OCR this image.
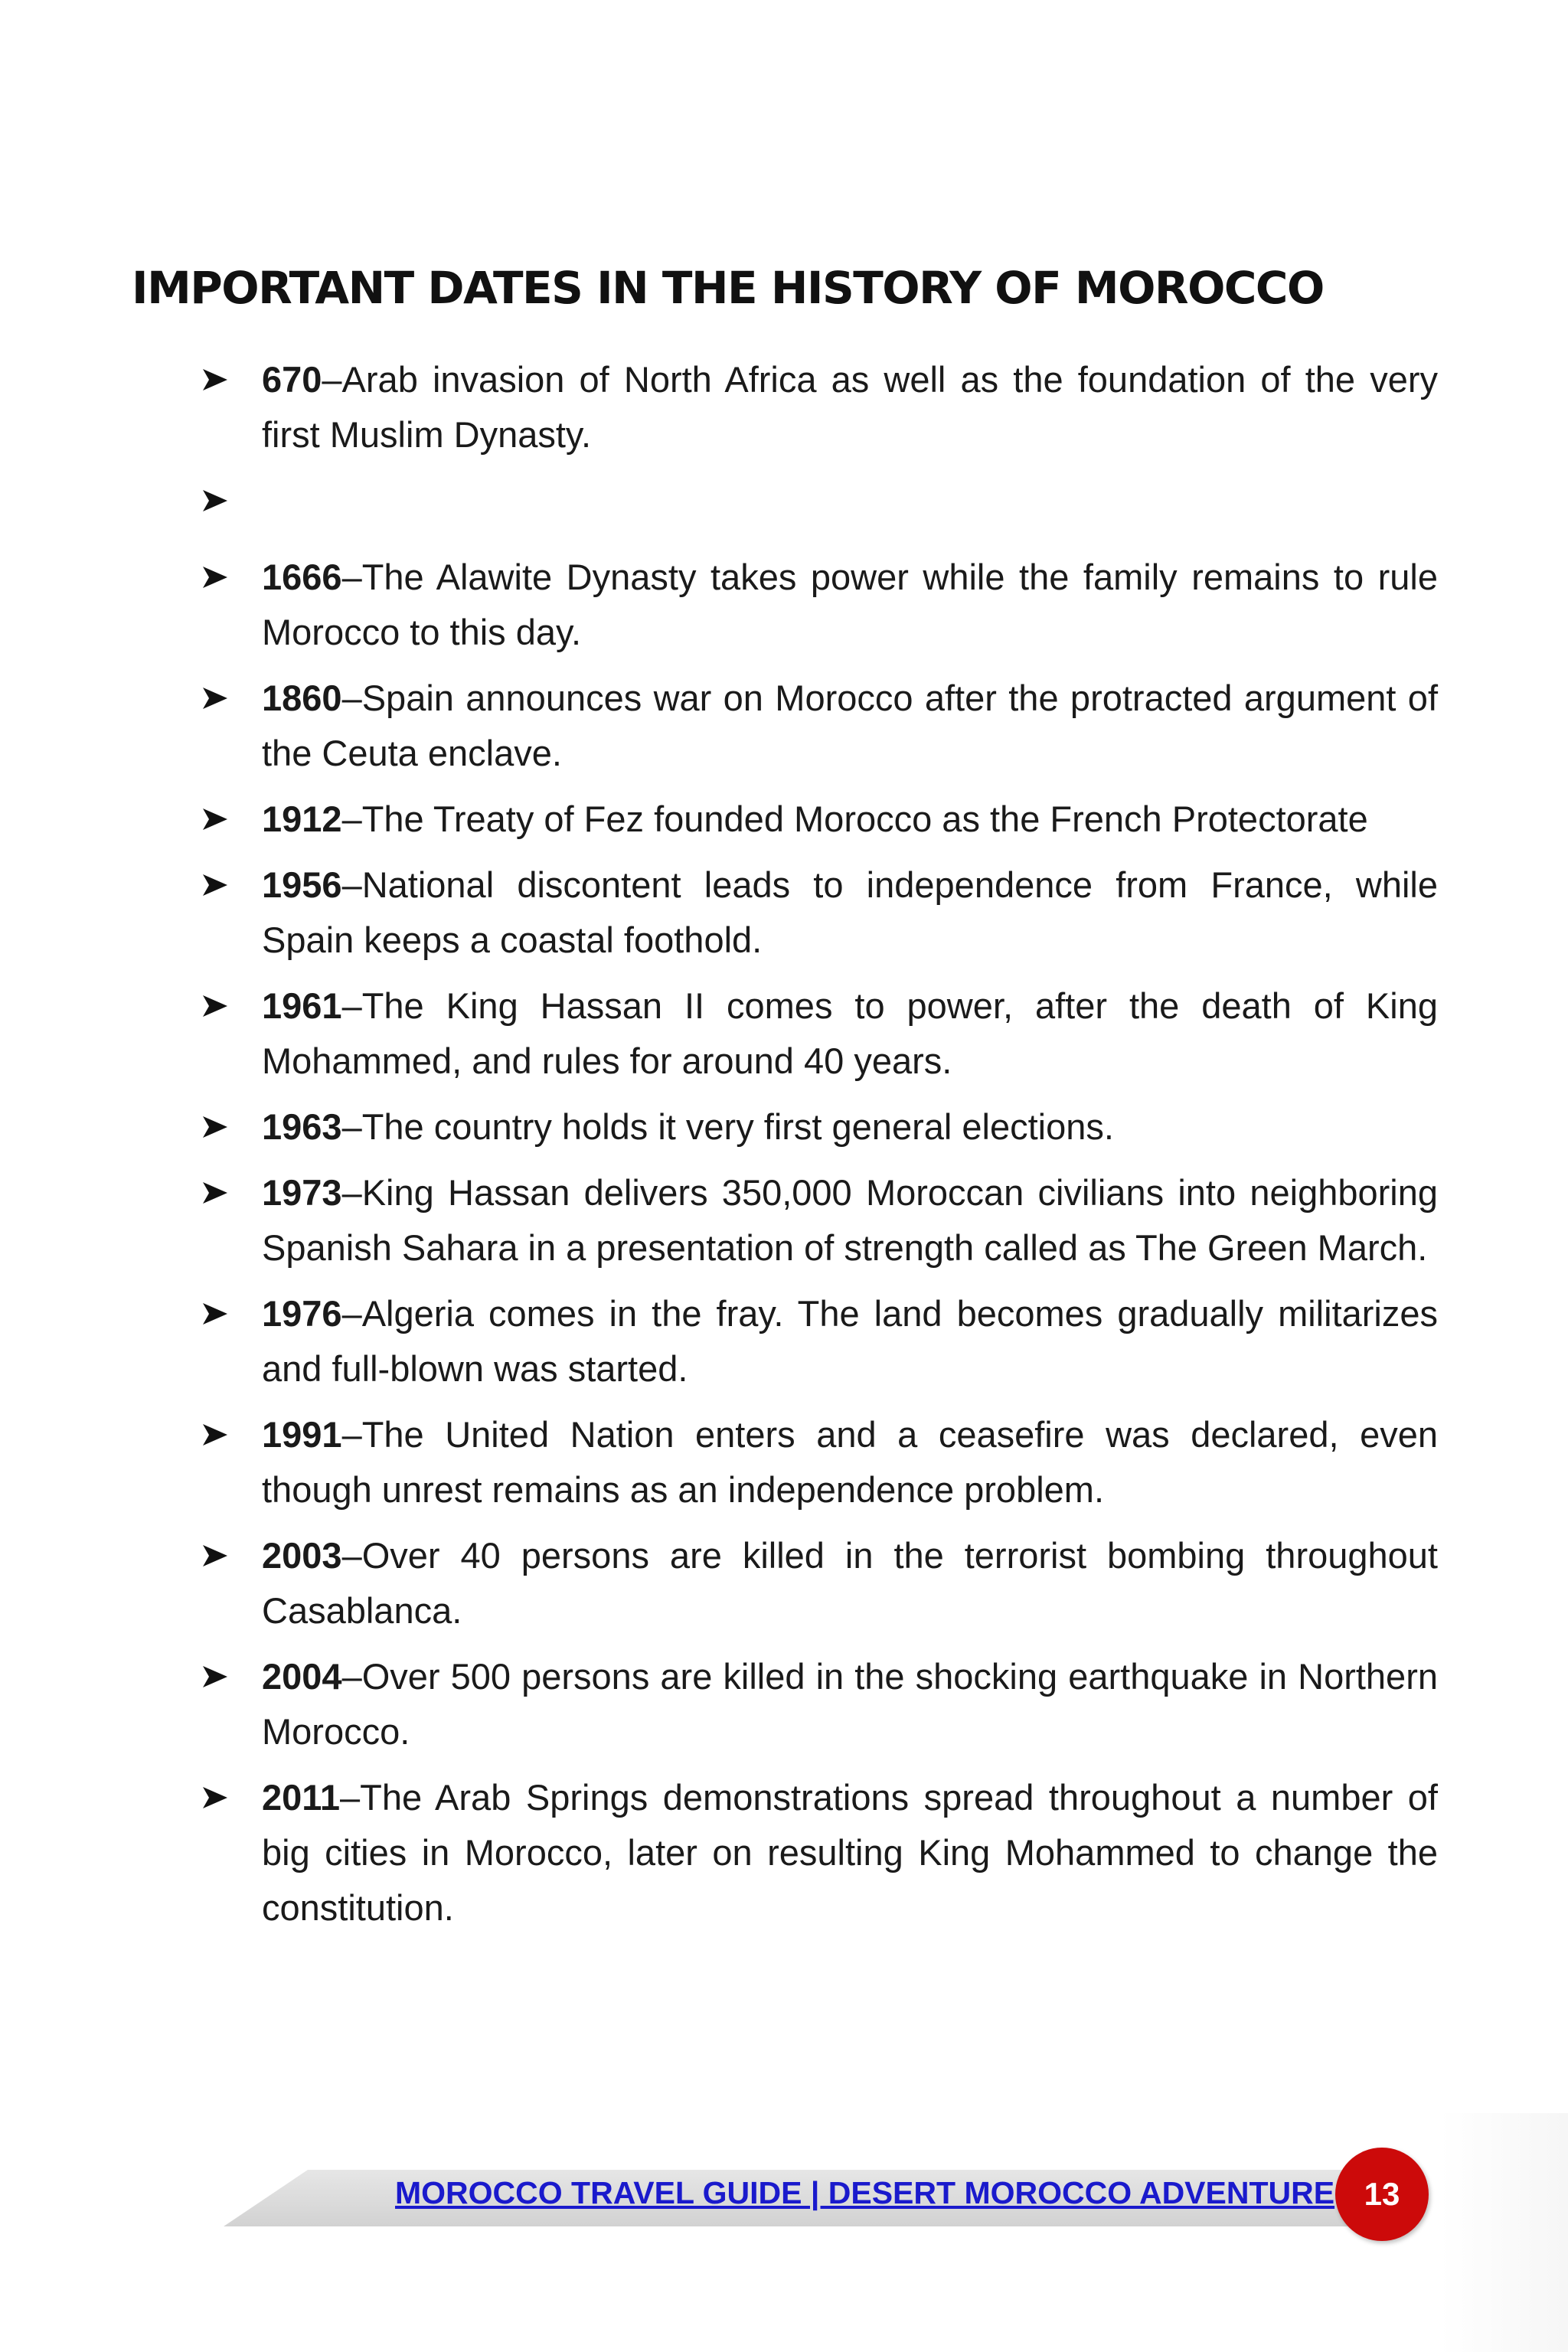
IMPORTANT DATES IN THE HISTORY OF MOROCCO
670–Arab invasion of North Africa as well as the foundation of the very first Muslim Dynasty.
1666–The Alawite Dynasty takes power while the family remains to rule Morocco to this day.
1860–Spain announces war on Morocco after the protracted argument of the Ceuta enclave.
1912–The Treaty of Fez founded Morocco as the French Protectorate
1956–National discontent leads to independence from France, while Spain keeps a coastal foothold.
1961–The King Hassan II comes to power, after the death of King Mohammed, and rules for around 40 years.
1963–The country holds it very first general elections.
1973–King Hassan delivers 350,000 Moroccan civilians into neighboring Spanish Sahara in a presentation of strength called as The Green March.
1976–Algeria comes in the fray. The land becomes gradually militarizes and full-blown was started.
1991–The United Nation enters and a ceasefire was declared, even though unrest remains as an independence problem.
2003–Over 40 persons are killed in the terrorist bombing throughout Casablanca.
2004–Over 500 persons are killed in the shocking earthquake in Northern Morocco.
2011–The Arab Springs demonstrations spread throughout a number of big cities in Morocco, later on resulting King Mohammed to change the constitution.
MOROCCO TRAVEL GUIDE | DESERT MOROCCO ADVENTURE 13
